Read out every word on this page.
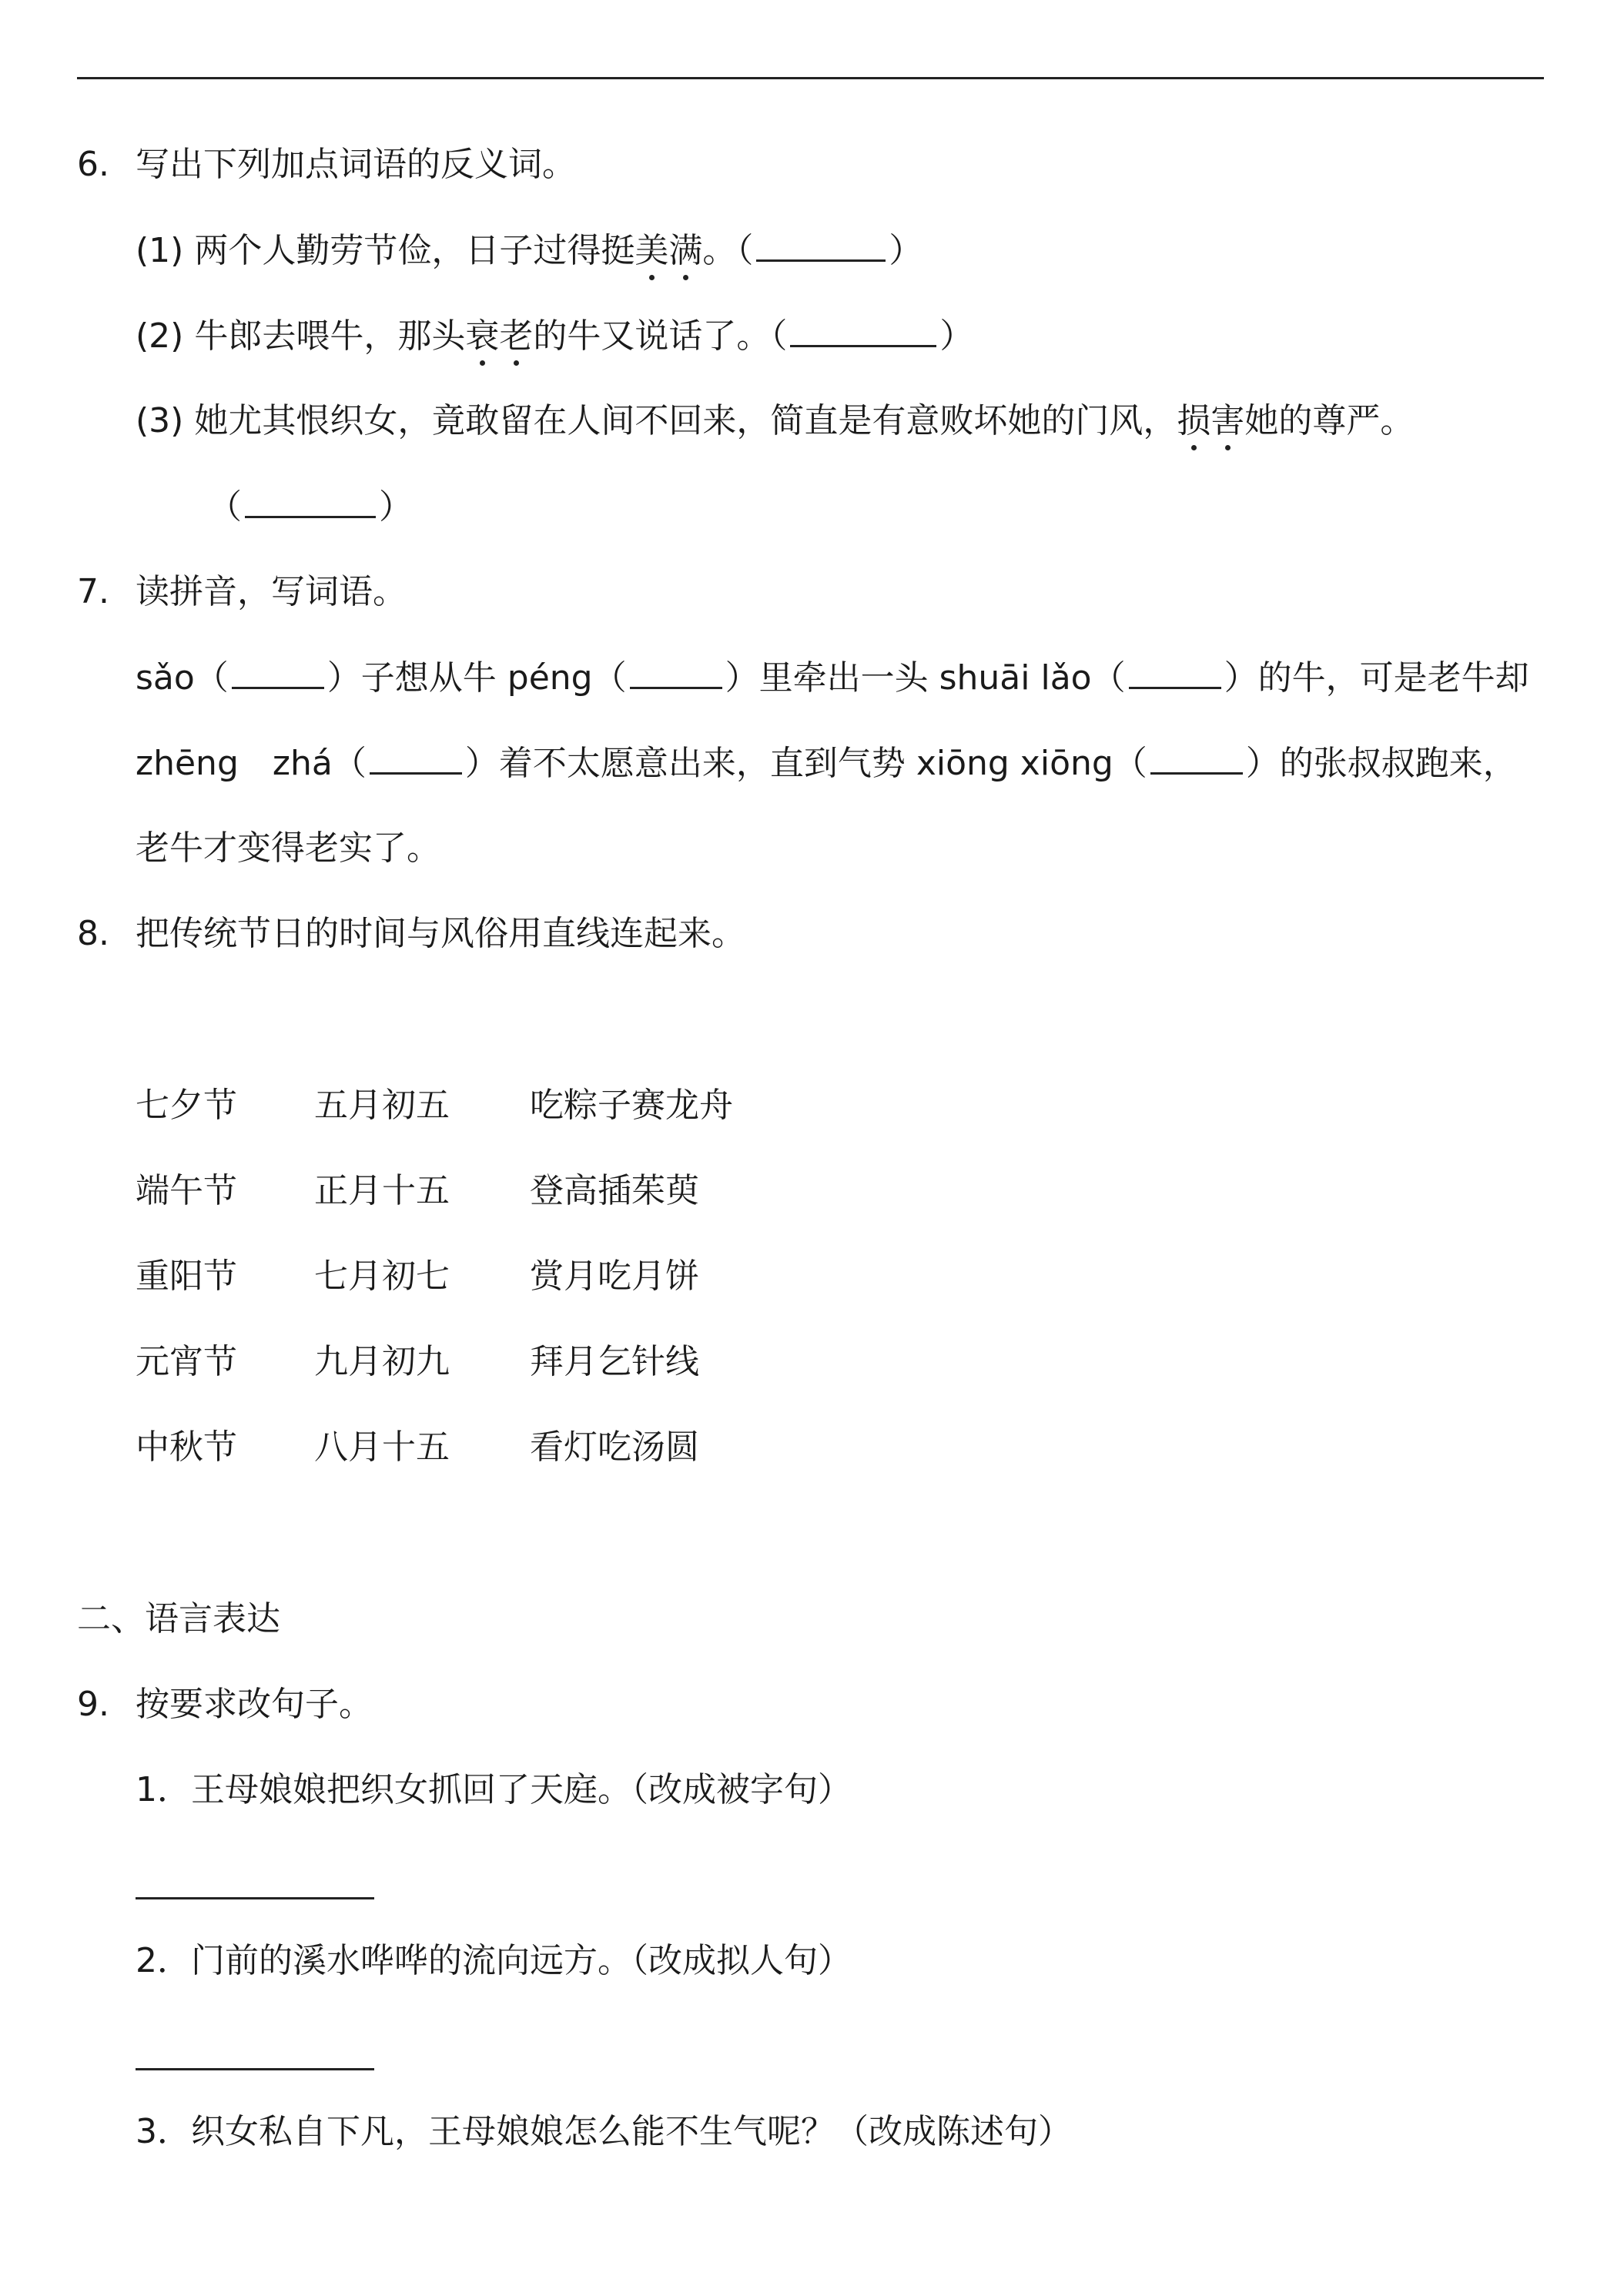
6. 写出下列加点词语的反义词。
(1) 两个人勤劳节俭，日子过得挺美满。（	）
(2) 牛郎去喂牛，那头衰老的牛又说话了。（	）
(3) 她尤其恨织女，竟敢留在人间不回来，简直是有意败坏她的门风，损害她的尊严。
（	）
7. 读拼音，写词语。
sǎo（	）子想从牛 péng（	）里牵出一头 shuāi lǎo（	）的牛，可是老牛却
zhēng　zhá（	）着不太愿意出来，直到气势 xiōng xiōng（	）的张叔叔跑来，
老牛才变得老实了。
8. 把传统节日的时间与风俗用直线连起来。
七夕节 五月初五 吃粽子赛龙舟
端午节 正月十五 登高插茱萸
重阳节 七月初七 赏月吃月饼
元宵节 九月初九 拜月乞针线
中秋节 八月十五 看灯吃汤圆
二、语言表达
9. 按要求改句子。
1．王母娘娘把织女抓回了天庭。（改成被字句）
2．门前的溪水哗哗的流向远方。（改成拟人句）
3．织女私自下凡，王母娘娘怎么能不生气呢？（改成陈述句）
